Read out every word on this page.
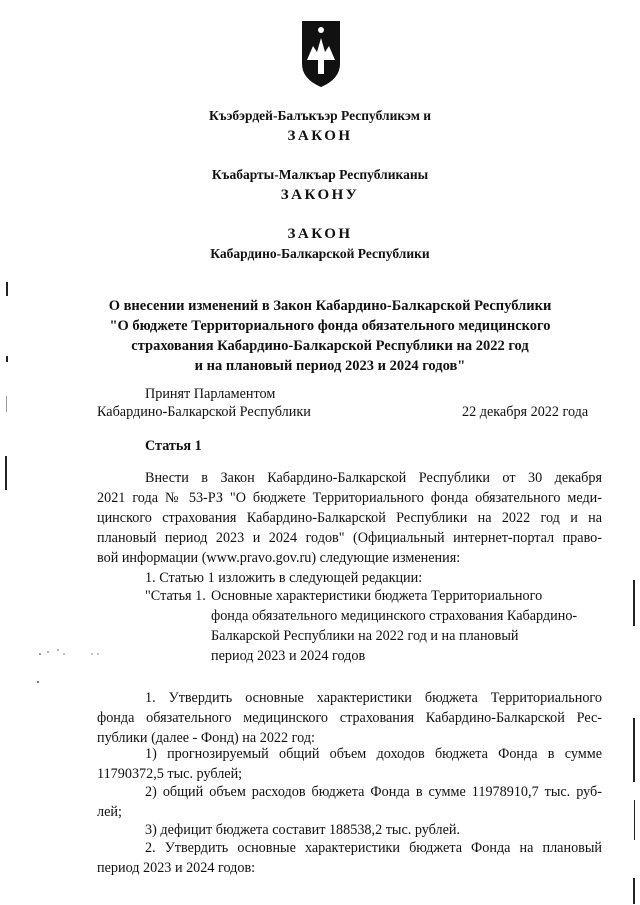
Къэбэрдей-Балъкъэр Республикэм и
ЗАКОН
Къабарты-Малкъар Республиканы
ЗАКОНУ
ЗАКОН
Кабардино-Балкарской Республики
О внесении изменений в Закон Кабардино-Балкарской Республики
"О бюджете Территориального фонда обязательного медицинского
страхования Кабардино-Балкарской Республики на 2022 год
и на плановый период 2023 и 2024 годов"
Принят Парламентом
Кабардино-Балкарской Республики	22 декабря 2022 года
Статья 1
Внести в Закон Кабардино-Балкарской Республики от 30 декабря
2021 года № 53-РЗ "О бюджете Территориального фонда обязательного меди-
цинского страхования Кабардино-Балкарской Республики на 2022 год и на
плановый период 2023 и 2024 годов" (Официальный интернет-портал право-
вой информации (www.pravo.gov.ru) следующие изменения:
1. Статью 1 изложить в следующей редакции:
"Статья 1. Основные характеристики бюджета Территориального
фонда обязательного медицинского страхования Кабардино-
Балкарской Республики на 2022 год и на плановый
период 2023 и 2024 годов
1. Утвердить основные характеристики бюджета Территориального
фонда обязательного медицинского страхования Кабардино-Балкарской Рес-
публики (далее - Фонд) на 2022 год:
1) прогнозируемый общий объем доходов бюджета Фонда в сумме
11790372,5 тыс. рублей;
2) общий объем расходов бюджета Фонда в сумме 11978910,7 тыс. руб-
лей;
3) дефицит бюджета составит 188538,2 тыс. рублей.
2. Утвердить основные характеристики бюджета Фонда на плановый
период 2023 и 2024 годов:
